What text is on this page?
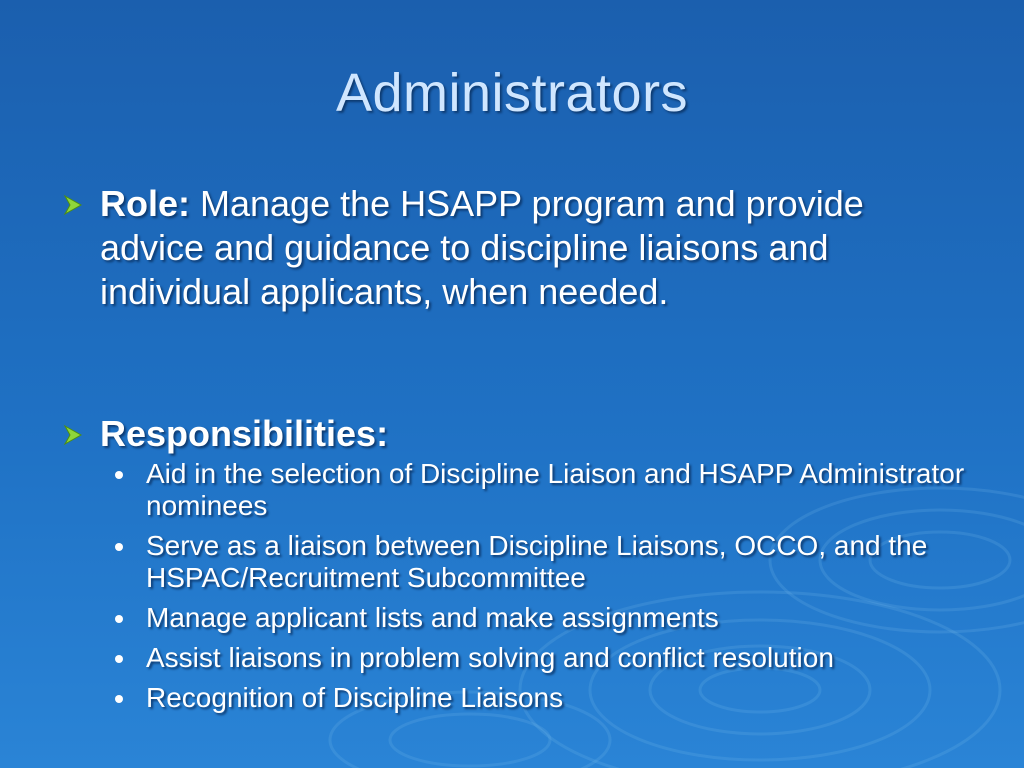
Administrators
Role: Manage the HSAPP program and provide advice and guidance to discipline liaisons and individual applicants, when needed.
Responsibilities:
Aid in the selection of Discipline Liaison and HSAPP Administrator nominees
Serve as a liaison between Discipline Liaisons, OCCO, and the HSPAC/Recruitment Subcommittee
Manage applicant lists and make assignments
Assist liaisons in problem solving and conflict resolution
Recognition of Discipline Liaisons
